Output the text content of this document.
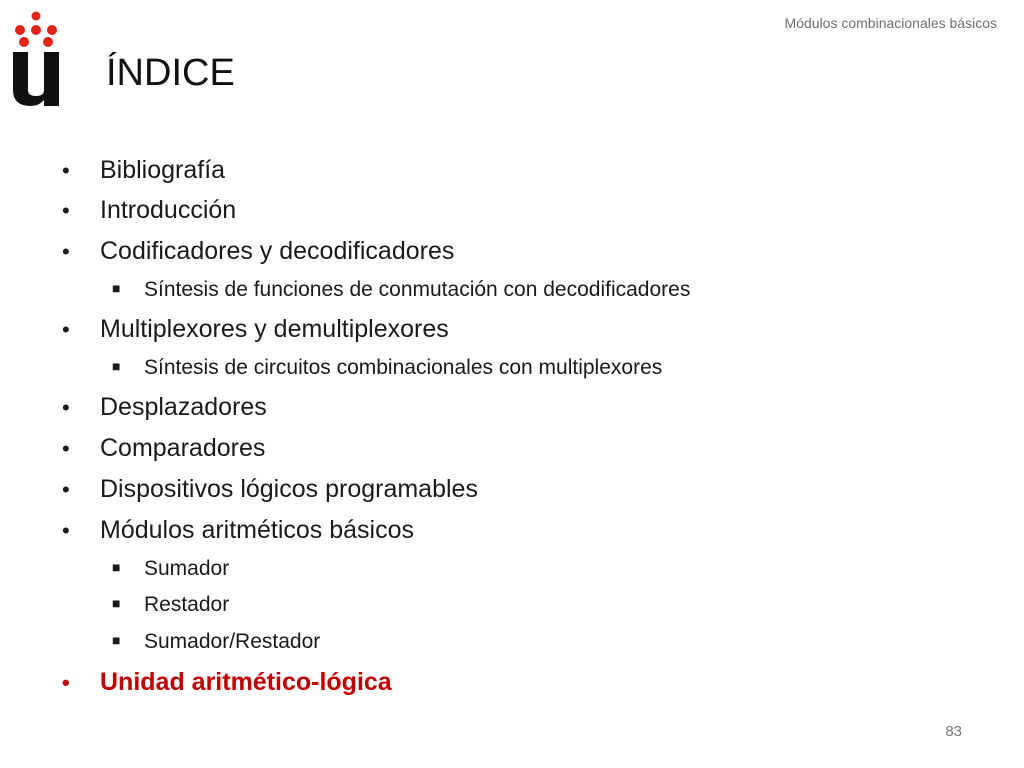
Módulos combinacionales básicos
ÍNDICE
• Bibliografía
• Introducción
• Codificadores y decodificadores
■ Síntesis de funciones de conmutación con decodificadores
• Multiplexores y demultiplexores
■ Síntesis de circuitos combinacionales con multiplexores
• Desplazadores
• Comparadores
• Dispositivos lógicos programables
• Módulos aritméticos básicos
■ Sumador
■ Restador
■ Sumador/Restador
• Unidad aritmético-lógica
83
